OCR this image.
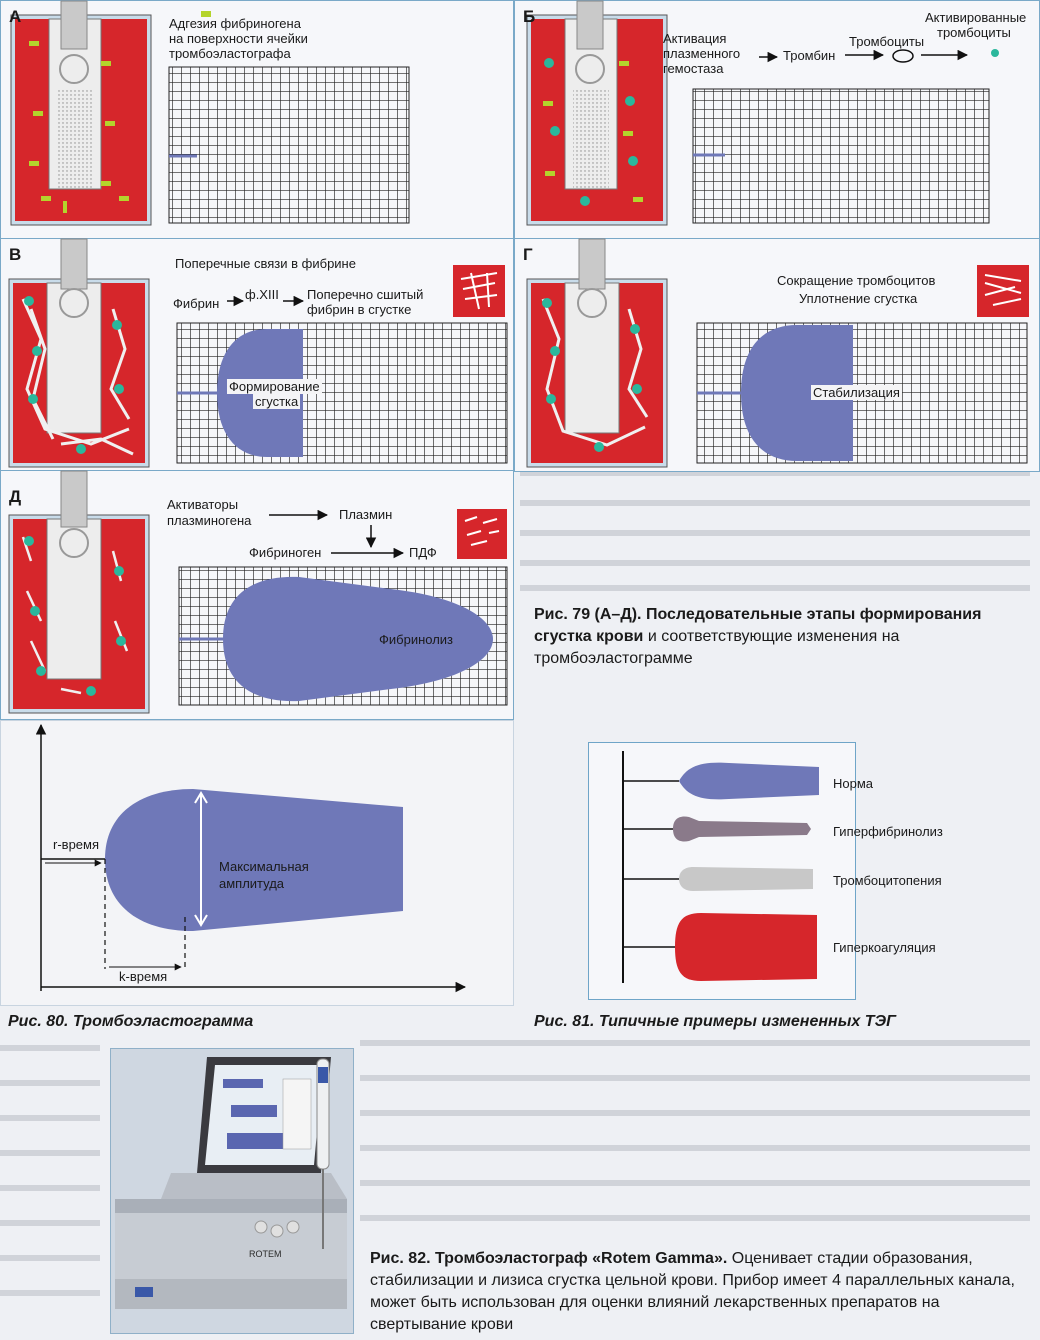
А	Адгезия фибриногена
на поверхности ячейки
тромбоэластографа
Б
Активация
плазменного
гемостаза
Тромбин
Тромбоциты
Активированные
тромбоциты
В	Поперечные связи в фибрине
Фибрин
ф.XIII Поперечно сшитый
фибрин в сгустке
Формирование
сгустка
Г
Сокращение тромбоцитов
Уплотнение сгустка
Стабилизация
Д	Активаторы
плазминогена	Плазмин
Фибриноген	ПДФ
Фибринолиз
Рис. 79 (А–Д). Последовательные этапы формирования сгустка крови и соответствующие изменения на тромбоэластограмме
r-время
k-время
Максимальная
амплитуда
Рис. 80. Тромбоэластограмма
Норма
Гиперфибринолиз
Тромбоцитопения
Гиперкоагуляция
Рис. 81. Типичные примеры измененных ТЭГ
ROTEM	Рис. 82. Тромбоэластограф «Rotem Gamma». Оценивает стадии образования, стабилизации и лизиса сгустка цельной крови. Прибор имеет 4 параллельных канала, может быть использован для оценки влияний лекарственных препаратов на свертывание крови
